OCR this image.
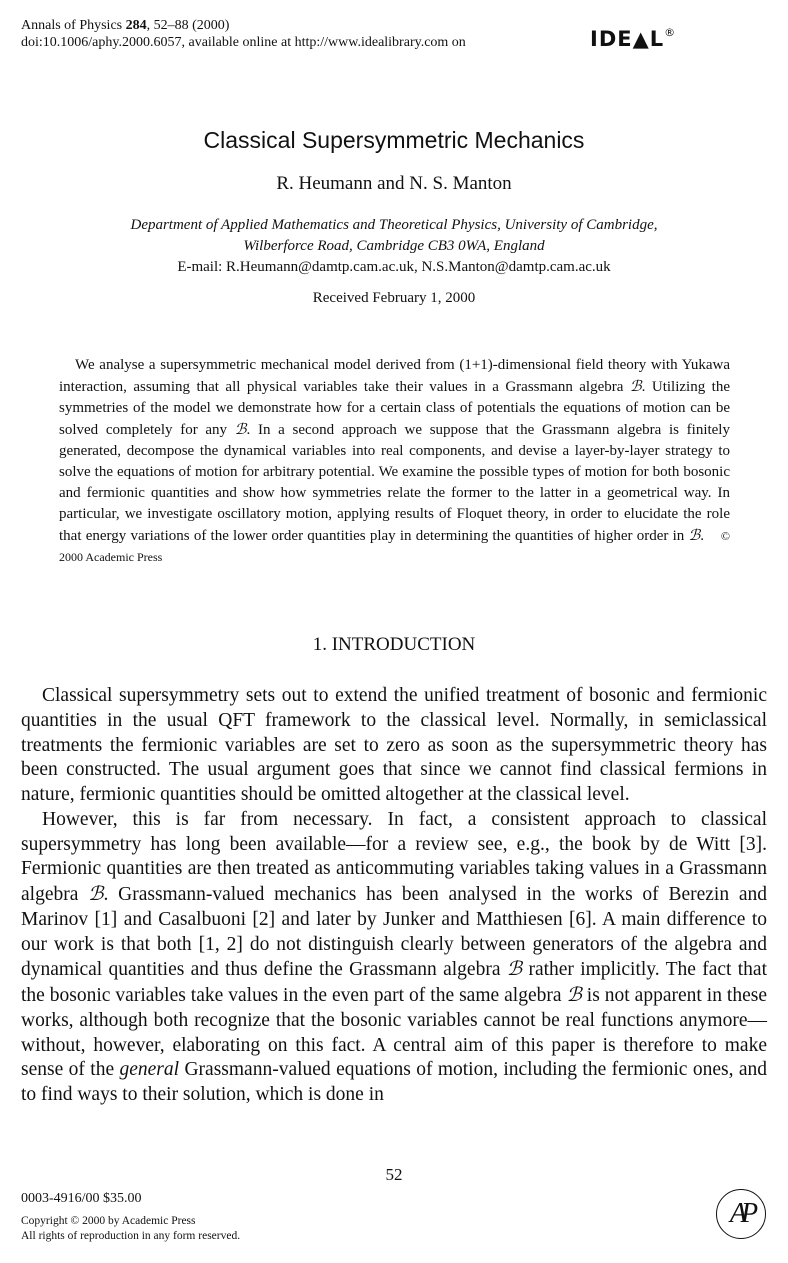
Annals of Physics 284, 52–88 (2000)
doi:10.1006/aphy.2000.6057, available online at http://www.idealibrary.com on	IDE▲L®
Classical Supersymmetric Mechanics
R. Heumann and N. S. Manton
Department of Applied Mathematics and Theoretical Physics, University of Cambridge,
Wilberforce Road, Cambridge CB3 0WA, England
E-mail: R.Heumann@damtp.cam.ac.uk, N.S.Manton@damtp.cam.ac.uk
Received February 1, 2000
We analyse a supersymmetric mechanical model derived from (1+1)-dimensional field theory with Yukawa interaction, assuming that all physical variables take their values in a Grassmann algebra ℬ. Utilizing the symmetries of the model we demonstrate how for a certain class of potentials the equations of motion can be solved completely for any ℬ. In a second approach we suppose that the Grassmann algebra is finitely generated, decompose the dynamical variables into real components, and devise a layer-by-layer strategy to solve the equations of motion for arbitrary potential. We examine the possible types of motion for both bosonic and fermionic quantities and show how symmetries relate the former to the latter in a geometrical way. In particular, we investigate oscillatory motion, applying results of Floquet theory, in order to elucidate the role that energy variations of the lower order quantities play in determining the quantities of higher order in ℬ. © 2000 Academic Press
1. INTRODUCTION

Classical supersymmetry sets out to extend the unified treatment of bosonic and fermionic quantities in the usual QFT framework to the classical level. Normally, in semiclassical treatments the fermionic variables are set to zero as soon as the supersymmetric theory has been constructed. The usual argument goes that since we cannot find classical fermions in nature, fermionic quantities should be omitted altogether at the classical level.

However, this is far from necessary. In fact, a consistent approach to classical supersymmetry has long been available—for a review see, e.g., the book by de Witt [3]. Fermionic quantities are then treated as anticommuting variables taking values in a Grassmann algebra ℬ. Grassmann-valued mechanics has been analysed in the works of Berezin and Marinov [1] and Casalbuoni [2] and later by Junker and Matthiesen [6]. A main difference to our work is that both [1, 2] do not distinguish clearly between generators of the algebra and dynamical quantities and thus define the Grassmann algebra ℬ rather implicitly. The fact that the bosonic variables take values in the even part of the same algebra ℬ is not apparent in these works, although both recognize that the bosonic variables cannot be real functions anymore—without, however, elaborating on this fact. A central aim of this paper is therefore to make sense of the general Grassmann-valued equations of motion, including the fermionic ones, and to find ways to their solution, which is done in

52
0003-4916/00 $35.00
Copyright © 2000 by Academic Press
All rights of reproduction in any form reserved.
AP
